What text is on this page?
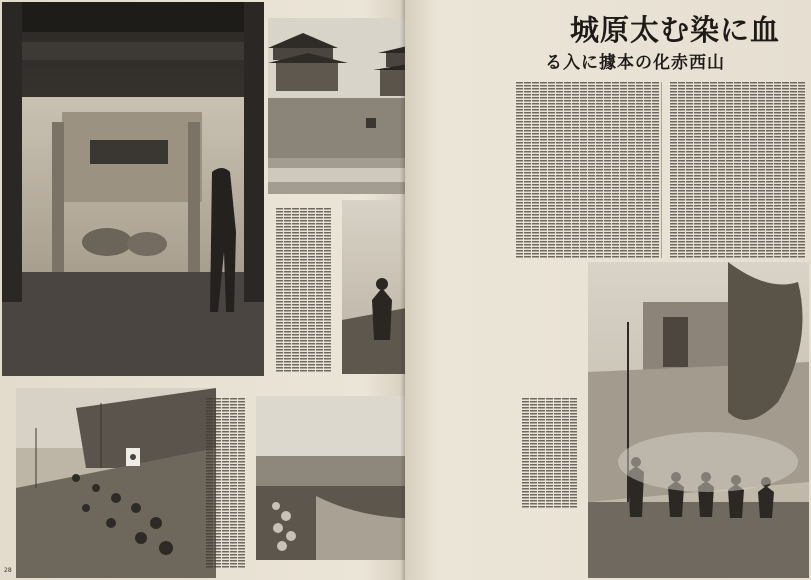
28
血に染む太原城
山西赤化の本據に入る
